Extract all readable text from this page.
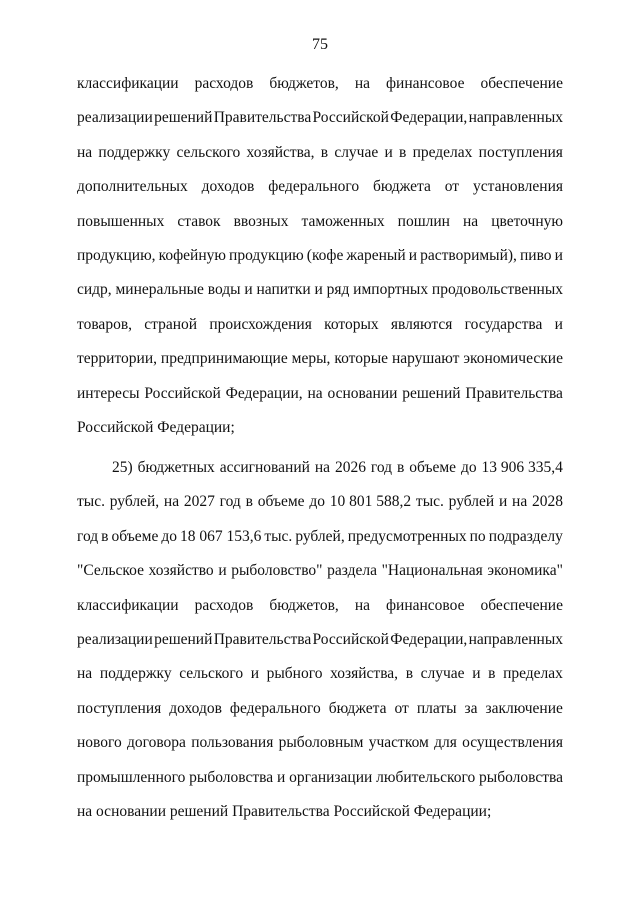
75
классификации расходов бюджетов, на финансовое обеспечение
реализации решений Правительства Российской Федерации, направленных
на поддержку сельского хозяйства, в случае и в пределах поступления
дополнительных доходов федерального бюджета от установления
повышенных ставок ввозных таможенных пошлин на цветочную
продукцию, кофейную продукцию (кофе жареный и растворимый), пиво и
сидр, минеральные воды и напитки и ряд импортных продовольственных
товаров, страной происхождения которых являются государства и
территории, предпринимающие меры, которые нарушают экономические
интересы Российской Федерации, на основании решений Правительства
Российской Федерации;
25) бюджетных ассигнований на 2026 год в объеме до 13 906 335,4
тыс. рублей, на 2027 год в объеме до 10 801 588,2 тыс. рублей и на 2028
год в объеме до 18 067 153,6 тыс. рублей, предусмотренных по подразделу
"Сельское хозяйство и рыболовство" раздела "Национальная экономика"
классификации расходов бюджетов, на финансовое обеспечение
реализации решений Правительства Российской Федерации, направленных
на поддержку сельского и рыбного хозяйства, в случае и в пределах
поступления доходов федерального бюджета от платы за заключение
нового договора пользования рыболовным участком для осуществления
промышленного рыболовства и организации любительского рыболовства
на основании решений Правительства Российской Федерации;
